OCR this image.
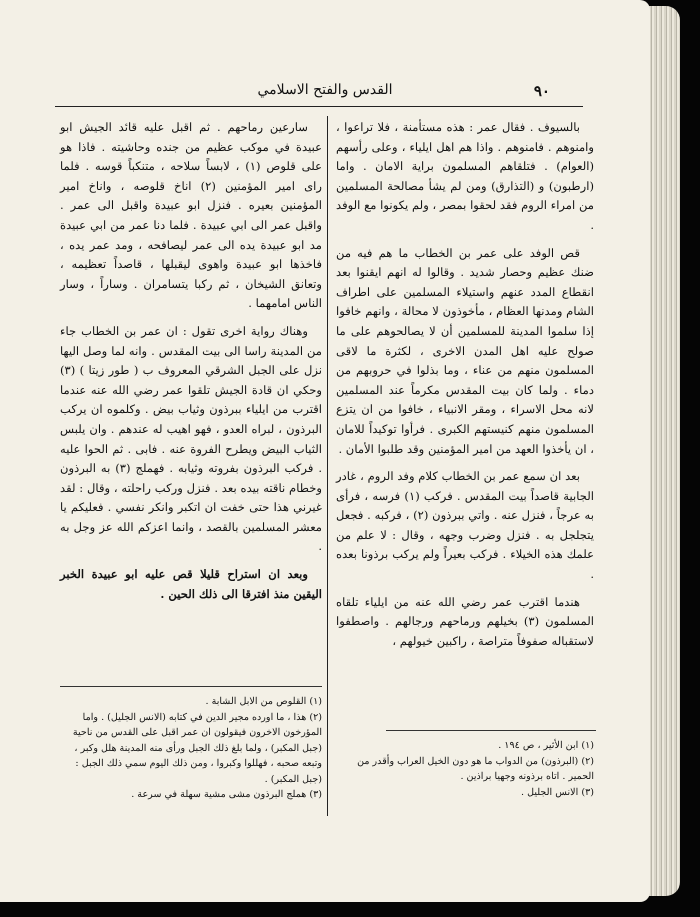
٩٠
القدس والفتح الاسلامي

بالسيوف . فقال عمر : هذه مستأمنة ، فلا تراعوا ، وامنوهم . فامنوهم . واذا هم اهل ايلياء ، وعلى رأسهم (العوام) . فتلقاهم المسلمون براية الامان . واما (ارطبون) و (التذارق) ومن لم يشأ مصالحة المسلمين من امراء الروم فقد لحقوا بمصر ، ولم يكونوا مع الوفد .

قص الوفد على عمر بن الخطاب ما هم فيه من ضنك عظيم وحصار شديد . وقالوا له انهم ايقنوا بعد انقطاع المدد عنهم واستيلاء المسلمين على اطراف الشام ومدنها العظام ، مأخوذون لا محالة ، وانهم خافوا إذا سلموا المدينة للمسلمين أن لا يصالحوهم على ما صولح عليه اهل المدن الاخرى ، لكثرة ما لاقى المسلمون منهم من عناء ، وما بذلوا في حروبهم من دماء . ولما كان بيت المقدس مكرماً عند المسلمين لانه محل الاسراء ، ومقر الانبياء ، خافوا من ان يتزع المسلمون منهم كنيستهم الكبرى . فرأوا توكيداً للامان ، ان يأخذوا العهد من امير المؤمنين وقد طلبوا الأمان .

بعد ان سمع عمر بن الخطاب كلام وفد الروم ، غادر الجابية قاصداً بيت المقدس . فركب (١) فرسه ، فرأى به عرجاً ، فنزل عنه . واتي ببرذون (٢) ، فركبه . فجعل يتجلجل به . فنزل وضرب وجهه ، وقال : لا علم من علمك هذه الخيلاء . فركب بعيراً ولم يركب برذونا بعده .

هندما اقترب عمر رضي الله عنه من ايلياء تلقاه المسلمون (٣) بخيلهم ورماحهم ورجالهم . واصطفوا لاستقباله صفوفاً متراصة ، راكبين خيولهم ،

سارعين رماحهم . ثم اقبل عليه قائد الجيش ابو عبيدة في موكب عظيم من جنده وحاشيته . فاذا هو على قلوص (١) ، لابساً سلاحه ، متنكباً قوسه . فلما راى امير المؤمنين (٢) اناخ قلوصه ، واناخ امير المؤمنين بعيره . فنزل ابو عبيدة واقبل الى عمر . واقبل عمر الى ابي عبيدة . فلما دنا عمر من ابي عبيدة مد ابو عبيدة يده الى عمر ليصافحه ، ومد عمر يده ، فاخذها ابو عبيدة واهوى ليقبلها ، قاصداً تعظيمه ، وتعانق الشيخان ، ثم ركبا يتسامران . وساراً ، وسار الناس امامهما .

وهناك رواية اخرى تقول : ان عمر بن الخطاب جاء من المدينة راسا الى بيت المقدس . وانه لما وصل اليها نزل على الجبل الشرقي المعروف ب ( طور زيتا ) (٣) وحكي ان قادة الجيش تلقوا عمر رضي الله عنه عندما اقترب من ايلياء ببرذون وثياب بيض . وكلموه ان يركب البرذون ، لبراه العدو ، فهو اهيب له عندهم . وان يلبس الثياب البيض ويطرح الفروة عنه . فابى . ثم الحوا عليه . فركب البرذون بفروته وثيابه . فهملج (٣) به البرذون وخطام ناقته بيده بعد . فنزل وركب راحلته ، وقال : لقد غيرني هذا حتى خفت ان اتكبر وانكر نفسي . فعليكم يا معشر المسلمين بالقصد ، وانما اعزكم الله عز وجل به .

وبعد ان استراح قليلا قص عليه ابو عبيدة الخبر اليقين منذ افترقا الى ذلك الحين .

(١) ابن الأثير ، ص ١٩٤ .
(٢) (البرذون) من الدواب ما هو دون الخيل العراب وأقدر من الحمير . اتاه برذونه وجهيا براذين .
(٣) الانس الجليل .
(١) القلوص من الابل الشابة .
(٢) هذا ، ما اورده مجير الدين في كتابه (الانس الجليل) . واما المؤرخون الاخرون فيقولون ان عمر اقبل على القدس من ناحية (جبل المكبر) ، ولما بلغ ذلك الجبل ورأى منه المدينة هلل وكبر ، وتبعه صحبه ، فهللوا وكبروا ، ومن ذلك اليوم سمي ذلك الجبل : (جبل المكبر) .
(٣) هملج البرذون مشى مشية سهلة في سرعة .
